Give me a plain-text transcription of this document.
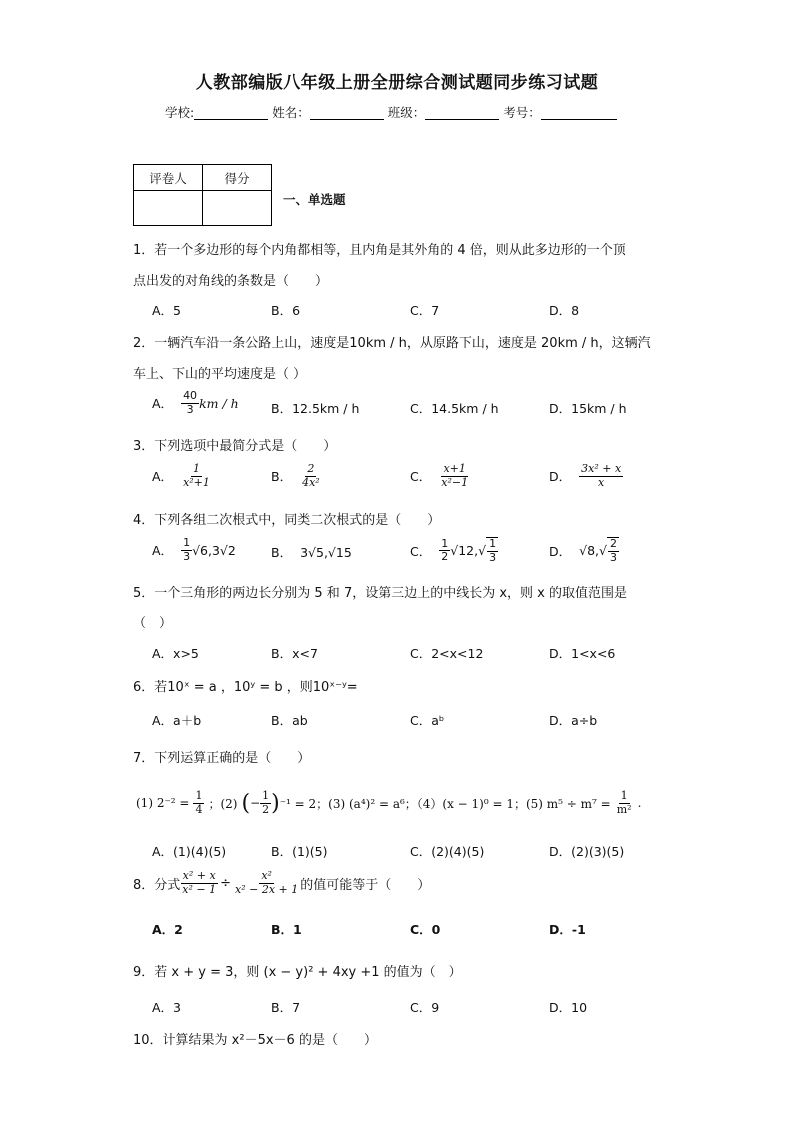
人教部编版八年级上册全册综合测试题同步练习试题
学校:	姓名：	班级：	考号：
评卷人	得分

一、单选题
1．若一个多边形的每个内角都相等，且内角是其外角的 4 倍，则从此多边形的一个顶
点出发的对角线的条数是（　　）
A．5	B．6	C．7	D．8
2．一辆汽车沿一条公路上山，速度是10km / h，从原路下山，速度是 20km / h，这辆汽
车上、下山的平均速度是（ ）
A． $\frac{40}{3}$ km / h	B．12.5km / h	C．14.5km / h	D．15km / h
3．下列选项中最简分式是（　　）
A． $\frac{1}{\text{x²+1}}$	B． $\frac{2}{\text{4x²}}$	C． $\frac{x+1}{\text{x²−1}}$	D． $\frac{\text{3x² + x}}{x}$
4．下列各组二次根式中，同类二次根式的是（　　）
A． $\frac{1}{3} √6,3√2$	B． 3√5,√15	C． $\frac{1}{2} √12$, √ $\frac{1}{3}$	D． √8, √ $\frac{2}{3}$
5．一个三角形的两边长分别为 5 和 7，设第三边上的中线长为 x，则 x 的取值范围是
（　）
A．x>5	B．x<7	C．2<x<12	D．1<x<6
6．若10ˣ = a ，10ʸ = b ，则10ˣ⁻ʸ=
A．a＋b	B．ab	C．aᵇ	D．a÷b
7．下列运算正确的是（　　）
(1) $2^{-2} = \frac{1}{4}$ ；(2) ( − $\frac{1}{2}$ ) ⁻¹ = 2；(3) (a⁴)² = a⁶；（4）(x − 1)⁰ = 1；(5) $m^5 \div m^7 = \frac{1}{\text{m²}}$ .
A．(1)(4)(5)	B．(1)(5)	C．(2)(4)(5)	D．(2)(3)(5)
8．分式 $\frac{\text{x² + x}}{\text{x² − 1}} \div \frac{\text{x²}}{\text{x² − 2x + 1}}$ 的值可能等于（　　）
A．2	B．1	C．0	D．-1
9．若 x + y = 3，则 (x − y)² + 4xy +1 的值为（　）
A．3	B．7	C．9	D．10
10．计算结果为 x²－5x－6 的是（　　）
